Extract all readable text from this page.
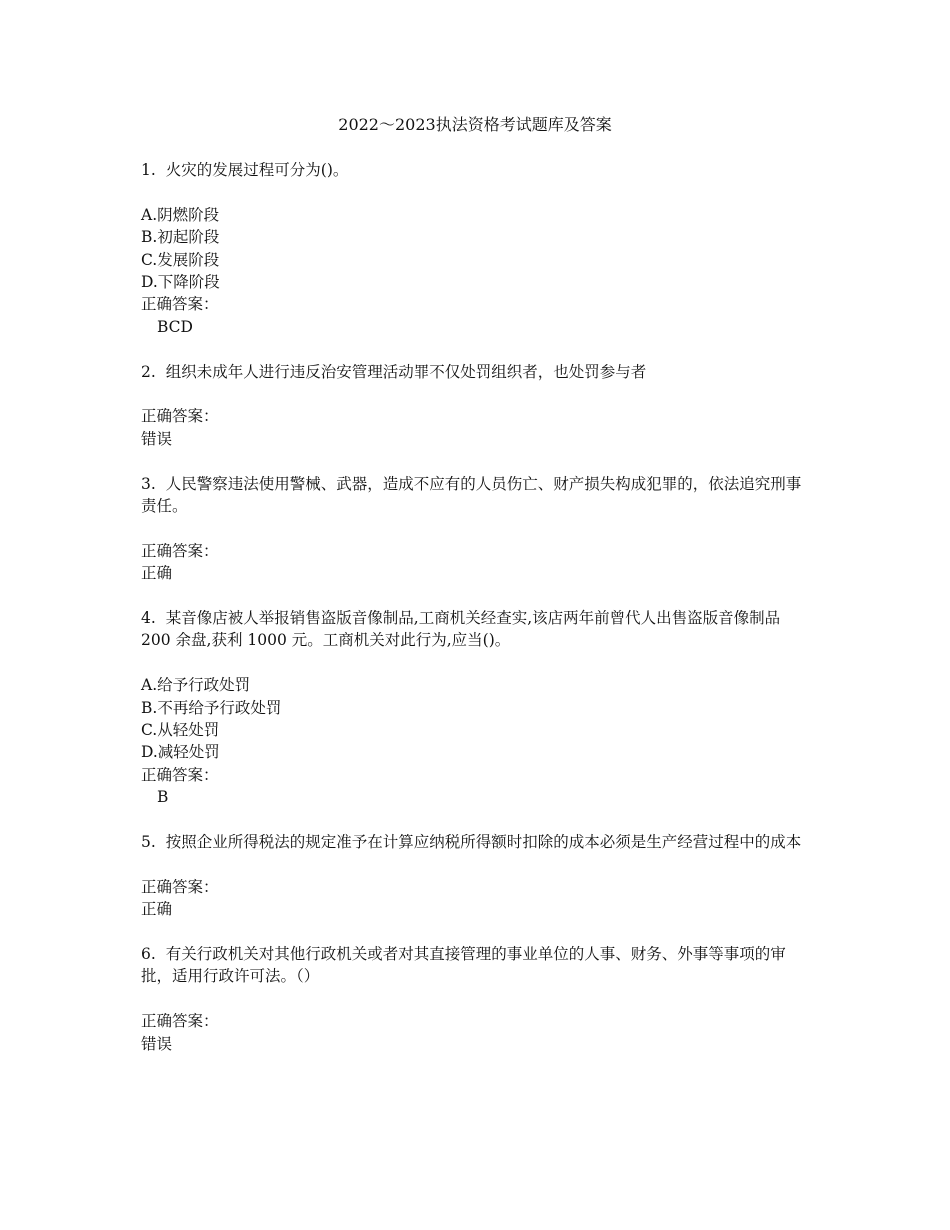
2022～2023执法资格考试题库及答案

1. 火灾的发展过程可分为()。

A.阴燃阶段
B.初起阶段
C.发展阶段
D.下降阶段

正确答案：

BCD

2. 组织未成年人进行违反治安管理活动罪不仅处罚组织者，也处罚参与者

正确答案：

错误

3. 人民警察违法使用警械、武器，造成不应有的人员伤亡、财产损失构成犯罪的，依法追究刑事责任。

正确答案：

正确

4. 某音像店被人举报销售盗版音像制品,工商机关经查实,该店两年前曾代人出售盗版音像制品 200 余盘,获利 1000 元。工商机关对此行为,应当()。

A.给予行政处罚
B.不再给予行政处罚
C.从轻处罚
D.减轻处罚

正确答案：

B

5. 按照企业所得税法的规定准予在计算应纳税所得额时扣除的成本必须是生产经营过程中的成本

正确答案：

正确

6. 有关行政机关对其他行政机关或者对其直接管理的事业单位的人事、财务、外事等事项的审批，适用行政许可法。（）

正确答案：

错误
